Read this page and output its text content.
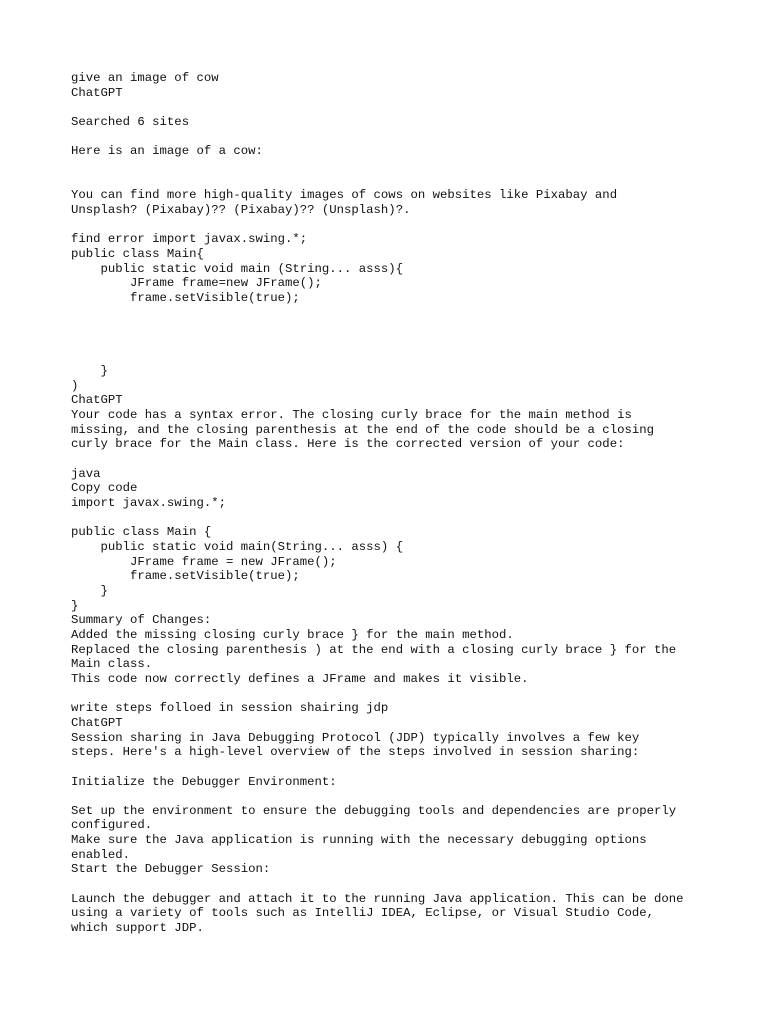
give an image of cow
ChatGPT

Searched 6 sites

Here is an image of a cow:

You can find more high-quality images of cows on websites like Pixabay and
Unsplash? (Pixabay)?? (Pixabay)?? (Unsplash)?.

find error import javax.swing.*;
public class Main{
public static void main (String... asss){
JFrame frame=new JFrame();
frame.setVisible(true);

}
)
ChatGPT
Your code has a syntax error. The closing curly brace for the main method is
missing, and the closing parenthesis at the end of the code should be a closing
curly brace for the Main class. Here is the corrected version of your code:

java
Copy code
import javax.swing.*;

public class Main {
public static void main(String... asss) {
JFrame frame = new JFrame();
frame.setVisible(true);
}
}
Summary of Changes:
Added the missing closing curly brace } for the main method.
Replaced the closing parenthesis ) at the end with a closing curly brace } for the
Main class.
This code now correctly defines a JFrame and makes it visible.

write steps folloed in session shairing jdp
ChatGPT
Session sharing in Java Debugging Protocol (JDP) typically involves a few key
steps. Here's a high-level overview of the steps involved in session sharing:

Initialize the Debugger Environment:

Set up the environment to ensure the debugging tools and dependencies are properly
configured.
Make sure the Java application is running with the necessary debugging options
enabled.
Start the Debugger Session:

Launch the debugger and attach it to the running Java application. This can be done
using a variety of tools such as IntelliJ IDEA, Eclipse, or Visual Studio Code,
which support JDP.
